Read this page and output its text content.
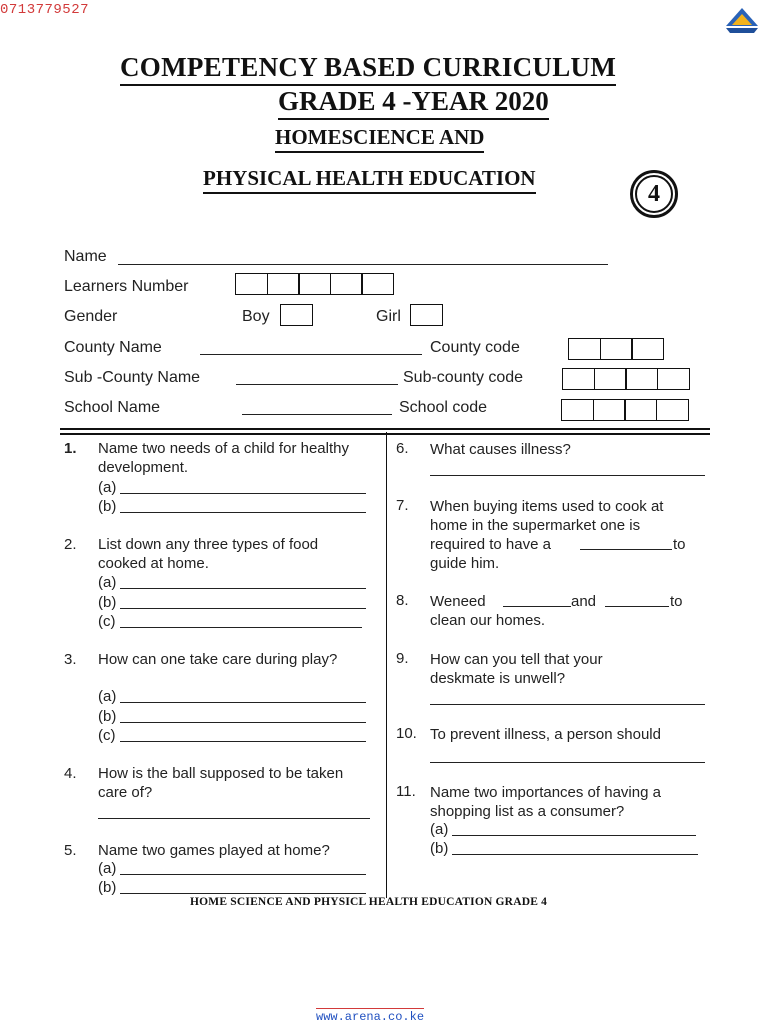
0713779527
COMPETENCY BASED CURRICULUM
GRADE 4 -YEAR 2020
HOMESCIENCE AND
PHYSICAL HEALTH EDUCATION
4
Name
Learners Number
Gender	Boy	Girl
County Name	County code
Sub -County Name	Sub-county code
School Name	School code
1. Name two needs of a child for healthy development.
(a)
(b)
2. List down any three types of food cooked at home.
(a)
(b)
(c)
3. How can one take care during play?
(a)
(b)
(c)
4. How is the ball supposed to be taken care of?
5. Name two games played at home?
(a)
(b)
6. What causes illness?
7. When buying items used to cook at
home in the supermarket one is
required to have a	to
guide him.
8. Weneed	and	to
clean our homes.
9. How can you tell that your deskmate is unwell?
10. To prevent illness, a person should
11. Name two importances of having a shopping list as a consumer?
(a)
(b)
HOME SCIENCE AND PHYSICL HEALTH EDUCATION GRADE 4
www.arena.co.ke
